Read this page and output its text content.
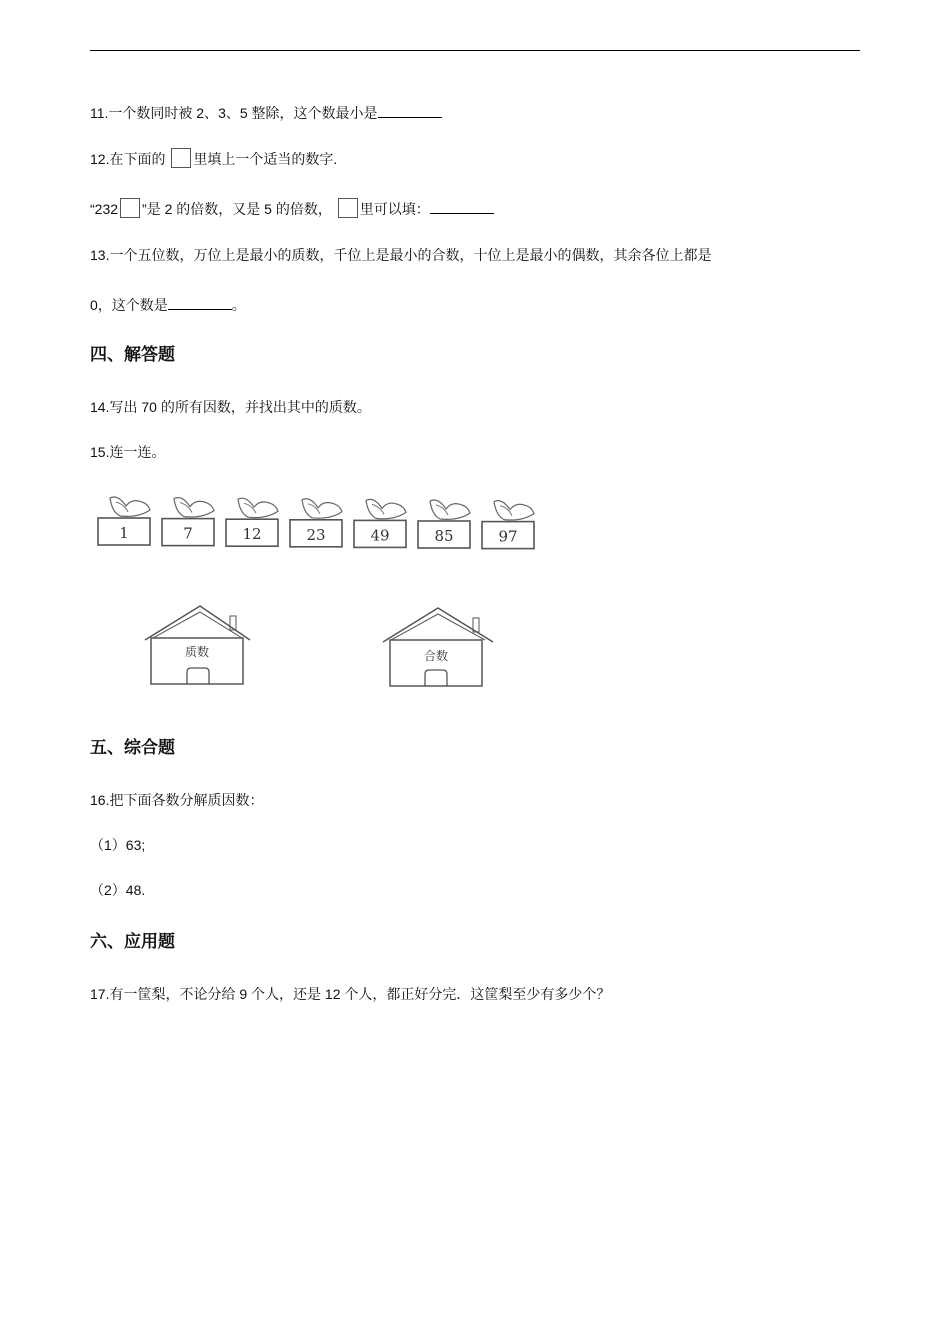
11.一个数同时被 2、3、5 整除，这个数最小是
12.在下面的 里填上一个适当的数字.
“232 ”是 2 的倍数，又是 5 的倍数， 里可以填：
13.一个五位数，万位上是最小的质数，千位上是最小的合数，十位上是最小的偶数，其余各位上都是
0，这个数是	。
四、解答题
14.写出 70 的所有因数，并找出其中的质数。
15.连一连。
1	7	12	23	49	85	97
质数	合数
五、综合题
16.把下面各数分解质因数：
（1）63;
（2）48.
六、应用题
17.有一筐梨，不论分给 9 个人，还是 12 个人，都正好分完．这筐梨至少有多少个？
